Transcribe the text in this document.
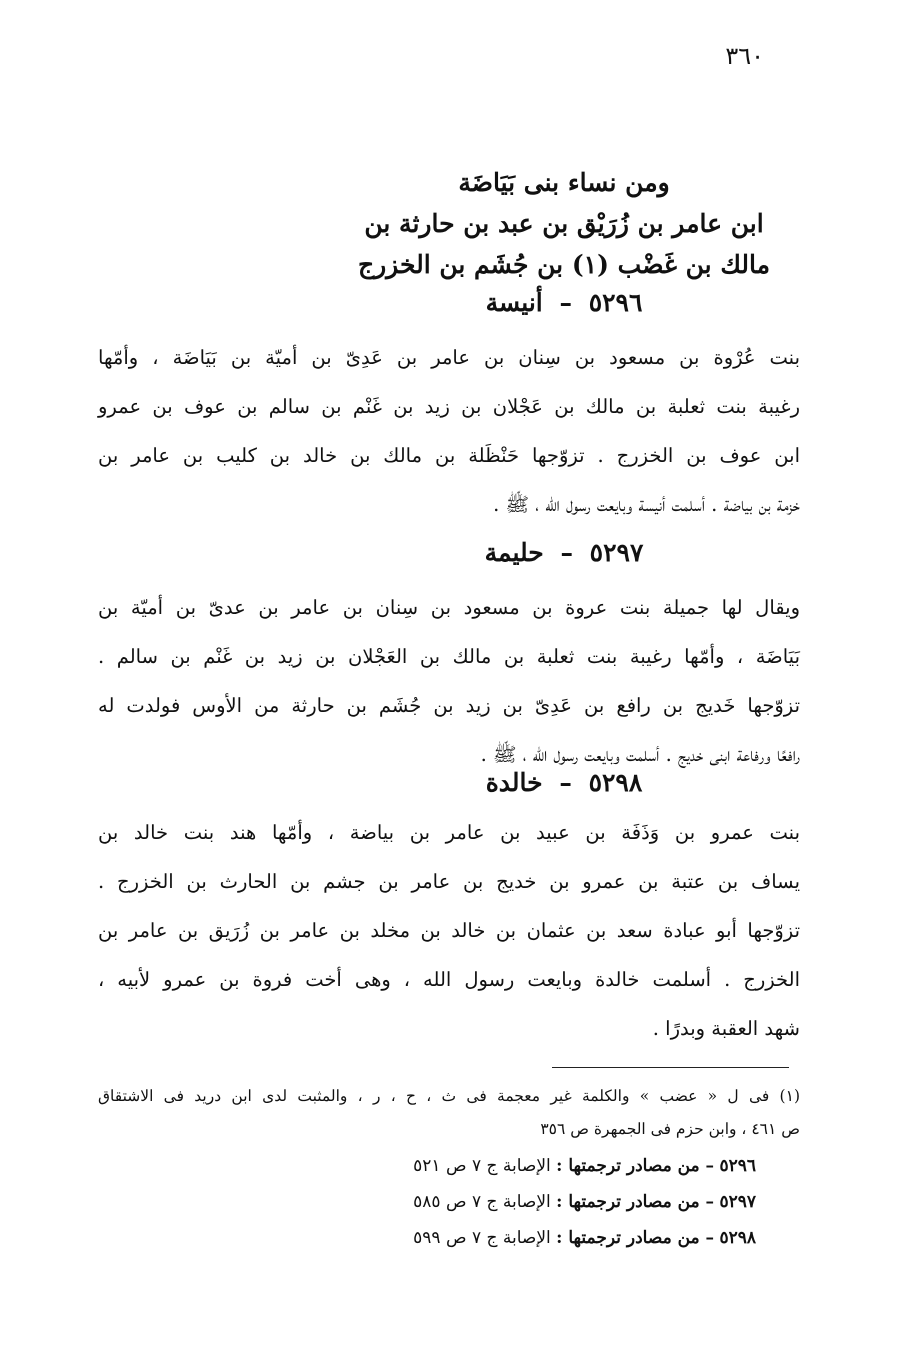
٣٦٠
ومن نساء بنى بَيَاضَة
ابن عامر بن زُرَيْق بن عبد بن حارثة بن
مالك بن غَضْب (١) بن جُشَم بن الخزرج
٥٢٩٦ – أنيسة
بنت عُرْوة بن مسعود بن سِنان بن عامر بن عَدِىّ بن أميّة بن بَيَاضَة ، وأمّها
رغيبة بنت ثعلبة بن مالك بن عَجْلان بن زيد بن غَنْم بن سالم بن عوف بن عمرو
ابن عوف بن الخزرج . تزوّجها حَنْظَلة بن مالك بن خالد بن كليب بن عامر بن
خزمة بن بياضة . أسلمت أنيسة وبايعت رسول الله ، ﷺ .
٥٢٩٧ – حليمة
ويقال لها جميلة بنت عروة بن مسعود بن سِنان بن عامر بن عدىّ بن أميّة بن
بَيَاضَة ، وأمّها رغيبة بنت ثعلبة بن مالك بن العَجْلان بن زيد بن غَنْم بن سالم .
تزوّجها خَديج بن رافع بن عَدِىّ بن زيد بن جُشَم بن حارثة من الأوس فولدت له
رافعًا ورفاعة ابنى خديج . أسلمت وبايعت رسول الله ، ﷺ .
٥٢٩٨ – خالدة
بنت عمرو بن وَذَفَة بن عبيد بن عامر بن بياضة ، وأمّها هند بنت خالد بن
يساف بن عتبة بن عمرو بن خديج بن عامر بن جشم بن الحارث بن الخزرج .
تزوّجها أبو عبادة سعد بن عثمان بن خالد بن مخلد بن عامر بن زُرَيق بن عامر بن
الخزرج . أسلمت خالدة وبايعت رسول الله ، وهى أخت فروة بن عمرو لأبيه ،
شهد العقبة وبدرًا .
(١) فى ل « عضب » والكلمة غير معجمة فى ث ، ح ، ر ، والمثبت لدى ابن دريد فى الاشتقاق
ص ٤٦١ ، وابن حزم فى الجمهرة ص ٣٥٦
٥٢٩٦ – من مصادر ترجمتها : الإصابة ج ٧ ص ٥٢١
٥٢٩٧ – من مصادر ترجمتها : الإصابة ج ٧ ص ٥٨٥
٥٢٩٨ – من مصادر ترجمتها : الإصابة ج ٧ ص ٥٩٩
